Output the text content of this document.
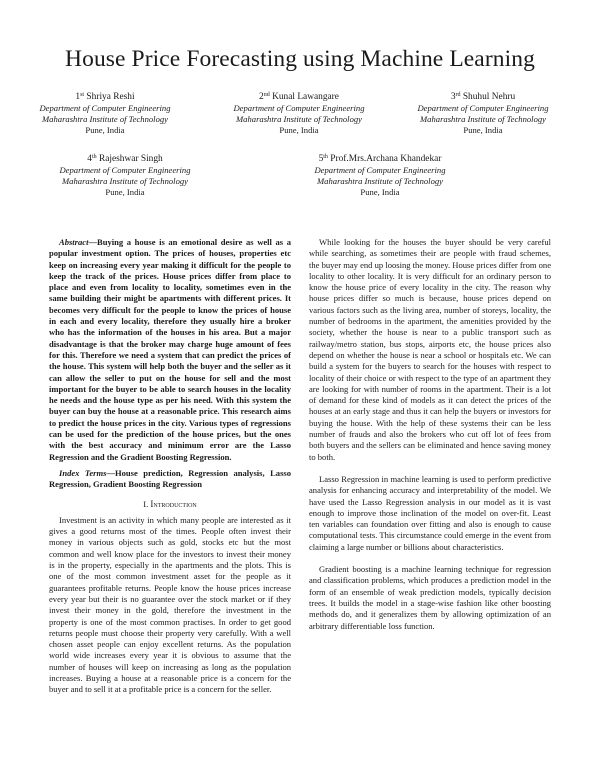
House Price Forecasting using Machine Learning
1st Shriya Reshi
Department of Computer Engineering
Maharashtra Institute of Technology
Pune, India
2nd Kunal Lawangare
Department of Computer Engineering
Maharashtra Institute of Technology
Pune, India
3rd Shuhul Nehru
Department of Computer Engineering
Maharashtra Institute of Technology
Pune, India
4th Rajeshwar Singh
Department of Computer Engineering
Maharashtra Institute of Technology
Pune, India
5th Prof.Mrs.Archana Khandekar
Department of Computer Engineering
Maharashtra Institute of Technology
Pune, India

Abstract—Buying a house is an emotional desire as well as a popular investment option. The prices of houses, properties etc keep on increasing every year making it difficult for the people to keep the track of the prices. House prices differ from place to place and even from locality to locality, sometimes even in the same building their might be apartments with different prices. It becomes very difficult for the people to know the prices of house in each and every locality, therefore they usually hire a broker who has the information of the houses in his area. But a major disadvantage is that the broker may charge huge amount of fees for this. Therefore we need a system that can predict the prices of the house. This system will help both the buyer and the seller as it can allow the seller to put on the house for sell and the most important for the buyer to be able to search houses in the locality he needs and the house type as per his need. With this system the buyer can buy the house at a reasonable price. This research aims to predict the house prices in the city. Various types of regressions can be used for the prediction of the house prices, but the ones with the best accuracy and minimum error are the Lasso Regression and the Gradient Boosting Regression.

Index Terms—House prediction, Regression analysis, Lasso Regression, Gradient Boosting Regression

I. Introduction

Investment is an activity in which many people are interested as it gives a good returns most of the times. People often invest their money in various objects such as gold, stocks etc but the most common and well know place for the investors to invest their money is in the property, especially in the apartments and the plots. This is one of the most common investment asset for the people as it guarantees profitable returns. People know the house prices increase every year but their is no guarantee over the stock market or if they invest their money in the gold, therefore the investment in the property is one of the most common practises. In order to get good returns people must choose their property very carefully. With a well chosen asset people can enjoy excellent returns. As the population world wide increases every year it is obvious to assume that the number of houses will keep on increasing as long as the population increases. Buying a house at a reasonable price is a concern for the buyer and to sell it at a profitable price is a concern for the seller.

While looking for the houses the buyer should be very careful while searching, as sometimes their are people with fraud schemes, the buyer may end up loosing the money. House prices differ from one locality to other locality. It is very difficult for an ordinary person to know the house price of every locality in the city. The reason why house prices differ so much is because, house prices depend on various factors such as the living area, number of storeys, locality, the number of bedrooms in the apartment, the amenities provided by the society, whether the house is near to a public transport such as railway/metro station, bus stops, airports etc, the house prices also depend on whether the house is near a school or hospitals etc. We can build a system for the buyers to search for the houses with respect to locality of their choice or with respect to the type of an apartment they are looking for with number of rooms in the apartment. Their is a lot of demand for these kind of models as it can detect the prices of the houses at an early stage and thus it can help the buyers or investors for buying the house. With the help of these systems their can be less number of frauds and also the brokers who cut off lot of fees from both buyers and the sellers can be eliminated and hence saving money to both.

Lasso Regression in machine learning is used to perform predictive analysis for enhancing accuracy and interpretability of the model. We have used the Lasso Regression analysis in our model as it is vast enough to improve those inclination of the model on over-fit. Least ten variables can foundation over fitting and also is enough to cause computational tests. This circumstance could emerge in the event from claiming a large number or billions about characteristics.

Gradient boosting is a machine learning technique for regression and classification problems, which produces a prediction model in the form of an ensemble of weak prediction models, typically decision trees. It builds the model in a stage-wise fashion like other boosting methods do, and it generalizes them by allowing optimization of an arbitrary differentiable loss function.
